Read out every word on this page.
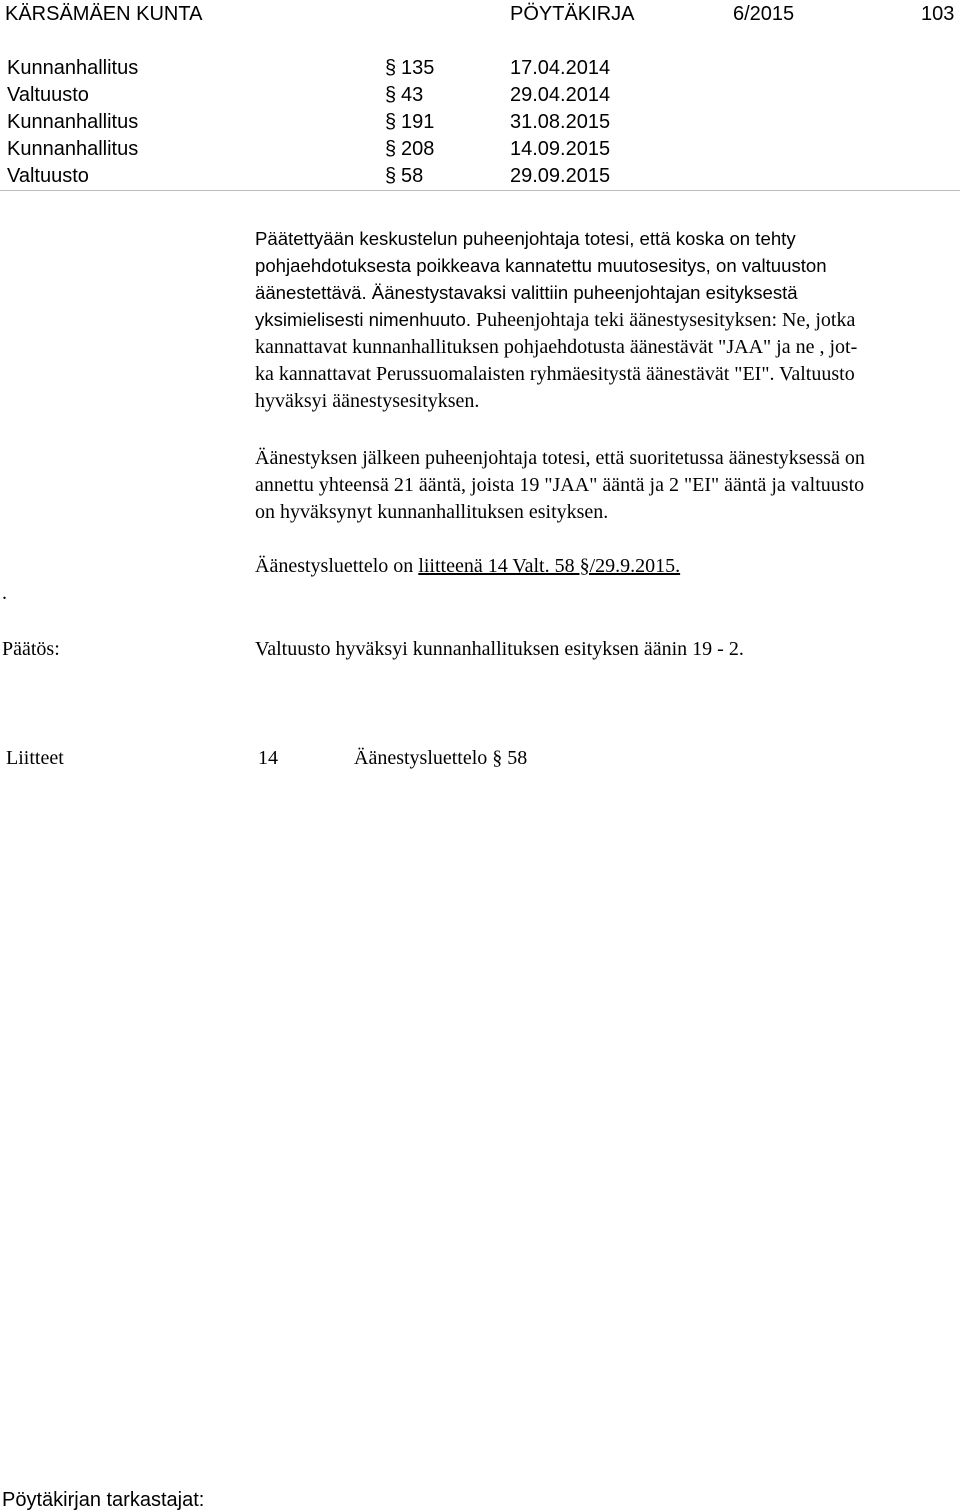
KÄRSÄMÄEN KUNTA	PÖYTÄKIRJA	6/2015	103
Kunnanhallitus	§ 135	17.04.2014
Valtuusto	§ 43	29.04.2014
Kunnanhallitus	§ 191	31.08.2015
Kunnanhallitus	§ 208	14.09.2015
Valtuusto	§ 58	29.09.2015
Päätettyään keskustelun puheenjohtaja totesi, että koska on tehty
pohjaehdotuksesta poikkeava kannatettu muutosesitys, on valtuuston
äänestettävä. Äänestystavaksi valittiin puheenjohtajan esityksestä
yksimielisesti nimenhuuto. Puheenjohtaja teki äänestysesityksen: Ne, jotka
kannattavat kunnanhallituksen pohjaehdotusta äänestävät "JAA" ja ne , jot-
ka kannattavat Perussuomalaisten ryhmäesitystä äänestävät "EI". Valtuusto
hyväksyi äänestysesityksen.
Äänestyksen jälkeen puheenjohtaja totesi, että suoritetussa äänestyksessä on
annettu yhteensä 21 ääntä, joista 19 "JAA" ääntä ja 2 "EI" ääntä ja valtuusto
on hyväksynyt kunnanhallituksen esityksen.
Äänestysluettelo on liitteenä 14 Valt. 58 §/29.9.2015.
.
Päätös:	Valtuusto hyväksyi kunnanhallituksen esityksen äänin 19 - 2.
Liitteet	14	Äänestysluettelo § 58
Pöytäkirjan tarkastajat:
